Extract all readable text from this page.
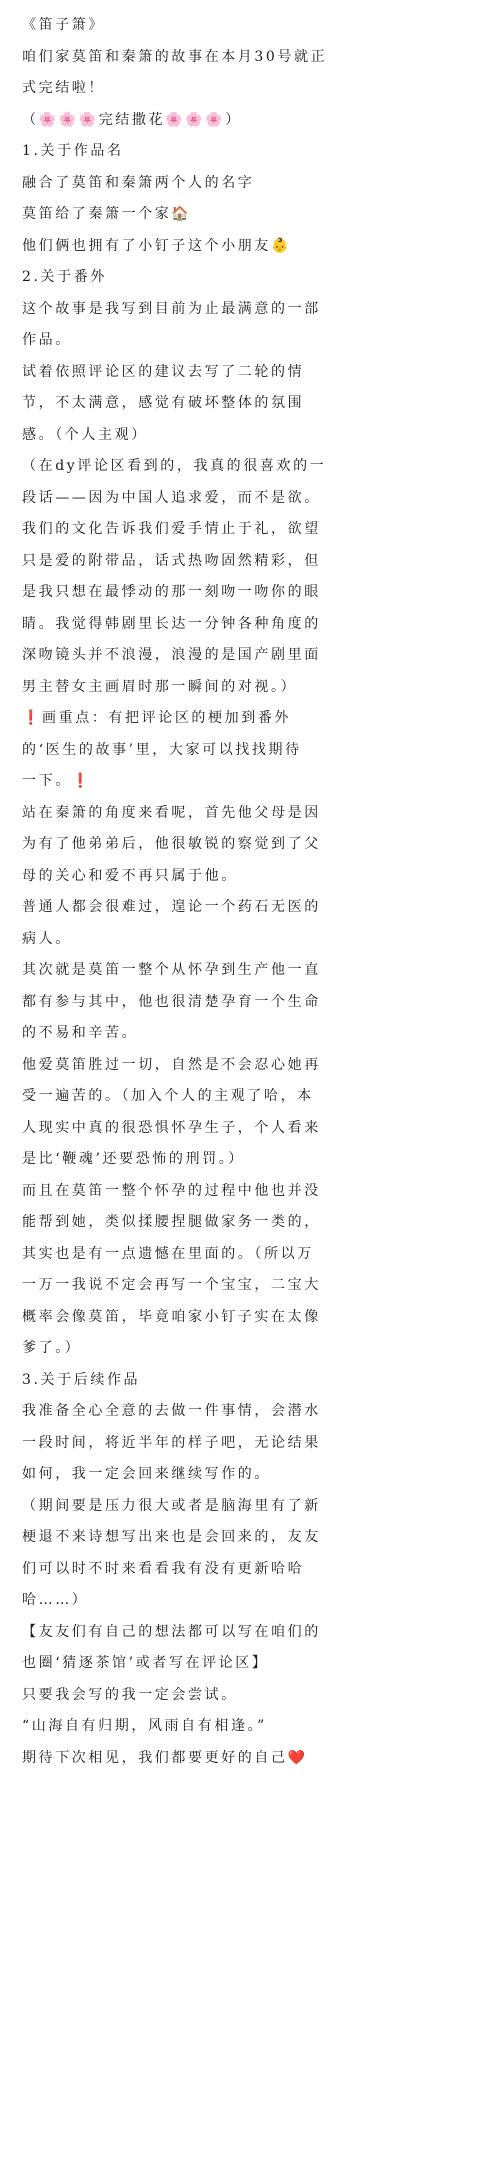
《笛子箫》

咱们家莫笛和秦箫的故事在本月30号就正

式完结啦！

（🌸🌸🌸完结撒花🌸🌸🌸）

1.关于作品名

融合了莫笛和秦箫两个人的名字

莫笛给了秦箫一个家🏠

他们俩也拥有了小钉子这个小朋友👶

2.关于番外

这个故事是我写到目前为止最满意的一部

作品。

试着依照评论区的建议去写了二轮的情

节，不太满意，感觉有破坏整体的氛围

感。（个人主观）

（在dy评论区看到的，我真的很喜欢的一

段话——因为中国人追求爱，而不是欲。

我们的文化告诉我们爱手情止于礼，欲望

只是爱的附带品，话式热吻固然精彩，但

是我只想在最悸动的那一刻吻一吻你的眼

睛。我觉得韩剧里长达一分钟各种角度的

深吻镜头并不浪漫，浪漫的是国产剧里面

男主替女主画眉时那一瞬间的对视。）

❗画重点：有把评论区的梗加到番外

的‘医生的故事’里，大家可以找找期待

一下。❗

站在秦箫的角度来看呢，首先他父母是因

为有了他弟弟后，他很敏锐的察觉到了父

母的关心和爱不再只属于他。

普通人都会很难过，遑论一个药石无医的

病人。

其次就是莫笛一整个从怀孕到生产他一直

都有参与其中，他也很清楚孕育一个生命

的不易和辛苦。

他爱莫笛胜过一切，自然是不会忍心她再

受一遍苦的。（加入个人的主观了哈，本

人现实中真的很恐惧怀孕生子，个人看来

是比‘鞭魂’还要恐怖的刑罚。）

而且在莫笛一整个怀孕的过程中他也并没

能帮到她，类似揉腰捏腿做家务一类的，

其实也是有一点遗憾在里面的。（所以万

一万一我说不定会再写一个宝宝，二宝大

概率会像莫笛，毕竟咱家小钉子实在太像

爹了。）

3.关于后续作品

我准备全心全意的去做一件事情，会潜水

一段时间，将近半年的样子吧，无论结果

如何，我一定会回来继续写作的。

（期间要是压力很大或者是脑海里有了新

梗退不来诗想写出来也是会回来的，友友

们可以时不时来看看我有没有更新哈哈

哈……）

【友友们有自己的想法都可以写在咱们的

也圈‘猜逐茶馆’或者写在评论区】

只要我会写的我一定会尝试。

“山海自有归期，风雨自有相逢。”

期待下次相见，我们都要更好的自己❤️
